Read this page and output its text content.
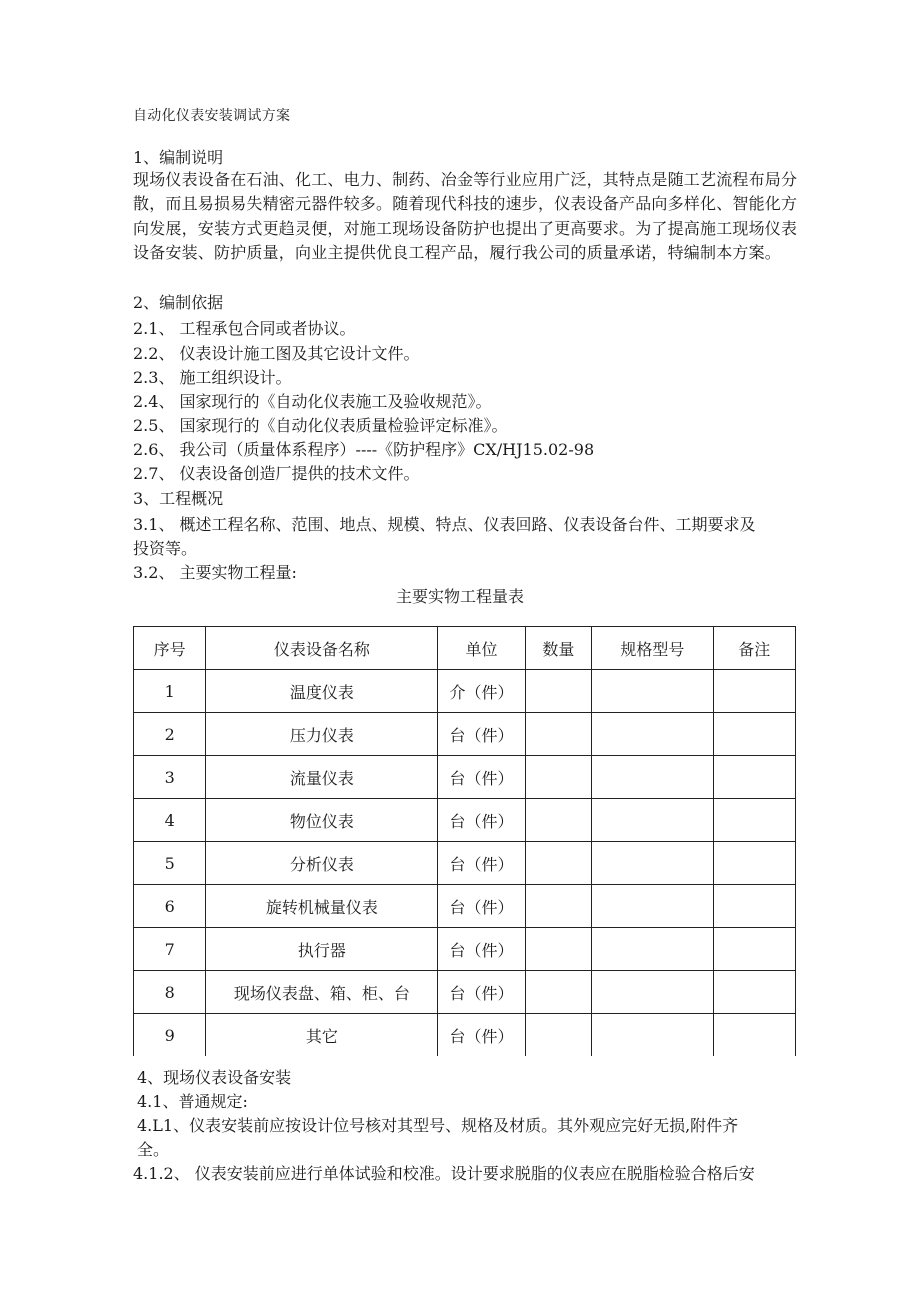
自动化仪表安装调试方案
1、编制说明
现场仪表设备在石油、化工、电力、制药、冶金等行业应用广泛，其特点是随工艺流程布局分散，而且易损易失精密元器件较多。随着现代科技的速步，仪表设备产品向多样化、智能化方向发展，安装方式更趋灵便，对施工现场设备防护也提出了更高要求。为了提高施工现场仪表设备安装、防护质量，向业主提供优良工程产品，履行我公司的质量承诺，特编制本方案。
2、编制依据
2.1、 工程承包合同或者协议。
2.2、 仪表设计施工图及其它设计文件。
2.3、 施工组织设计。
2.4、 国家现行的《自动化仪表施工及验收规范》。
2.5、 国家现行的《自动化仪表质量检验评定标准》。
2.6、 我公司（质量体系程序）----《防护程序》CX/HJ15.02-98
2.7、 仪表设备创造厂提供的技术文件。
3、工程概况
3.1、 概述工程名称、范围、地点、规模、特点、仪表回路、仪表设备台件、工期要求及
投资等。
3.2、 主要实物工程量:
主要实物工程量表
序号	仪表设备名称	单位	数量	规格型号	备注
1	温度仪表	介（件）			
2	压力仪表	台（件）			
3	流量仪表	台（件）			
4	物位仪表	台（件）			
5	分析仪表	台（件）			
6	旋转机械量仪表	台（件）			
7	执行器	台（件）			
8	现场仪表盘、箱、柜、台	台（件）			
9	其它	台（件）			
4、现场仪表设备安装
4.1、普通规定:
4.L1、仪表安装前应按设计位号核对其型号、规格及材质。其外观应完好无损,附件齐
全。
4.1.2、 仪表安装前应进行单体试验和校准。设计要求脱脂的仪表应在脱脂检验合格后安
